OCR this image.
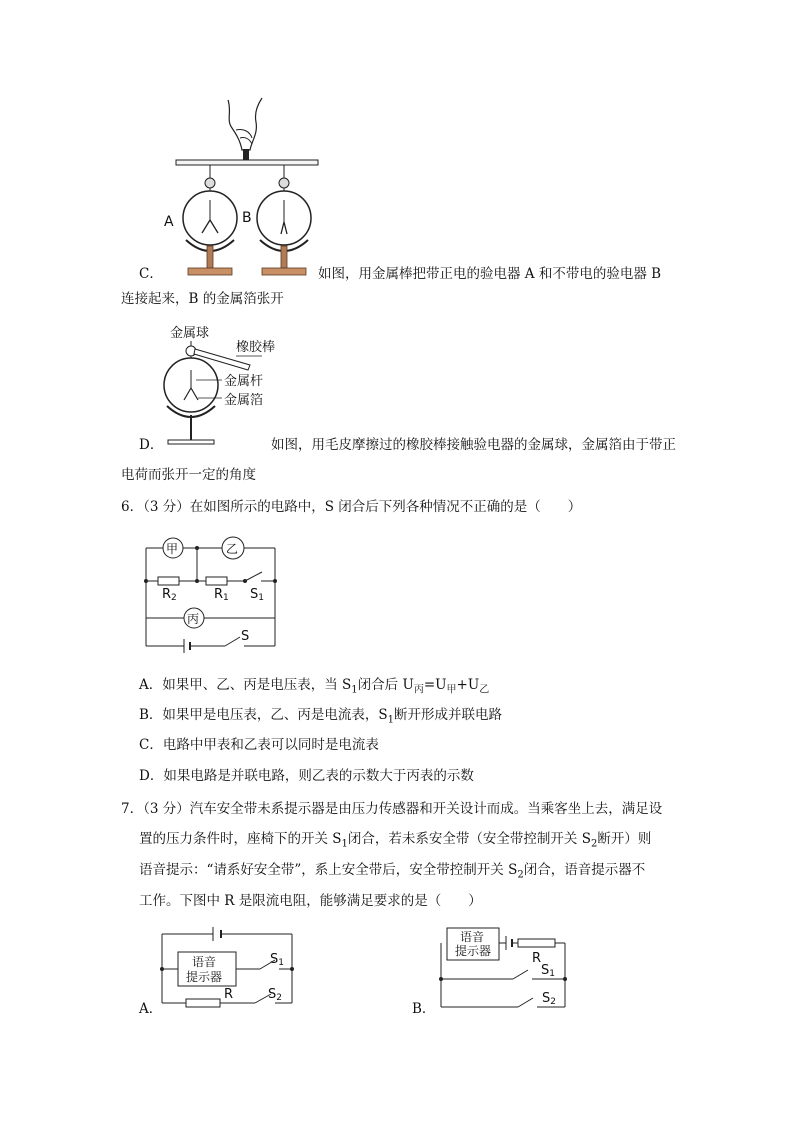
A	B
C．	如图，用金属棒把带正电的验电器 A 和不带电的验电器 B
连接起来，B 的金属箔张开
金属球
橡胶棒
金属杆
金属箔
D．	如图，用毛皮摩擦过的橡胶棒接触验电器的金属球，金属箔由于带正
电荷而张开一定的角度
6．（3 分）在如图所示的电路中，S 闭合后下列各种情况不正确的是（　　）
甲	乙
丙
R2	R1 S1
S
A．如果甲、乙、丙是电压表，当 $S_1$闭合后 $U_丙=U_甲+U_乙$
B．如果甲是电压表，乙、丙是电流表，$S_1$断开形成并联电路
C．电路中甲表和乙表可以同时是电流表
D．如果电路是并联电路，则乙表的示数大于丙表的示数
7．（3 分）汽车安全带未系提示器是由压力传感器和开关设计而成。当乘客坐上去，满足设
置的压力条件时，座椅下的开关 $S_1$闭合，若未系安全带（安全带控制开关 $S_2$断开）则
语音提示：“请系好安全带”，系上安全带后，安全带控制开关 $S_2$闭合，语音提示器不
工作。下图中 R 是限流电阻，能够满足要求的是（　　）
语音
提示器
S1
S2
R
A．
语音
提示器	R
S1
S2
B．
